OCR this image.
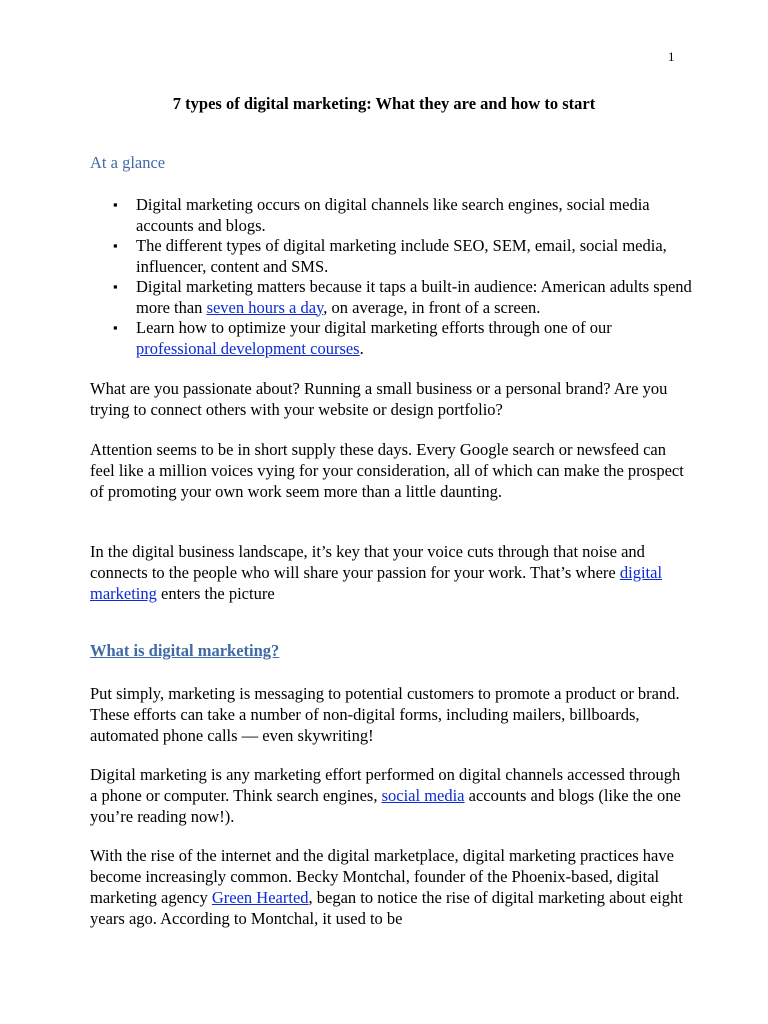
1
7 types of digital marketing: What they are and how to start
At a glance
▪ Digital marketing occurs on digital channels like search engines, social media accounts and blogs.
▪ The different types of digital marketing include SEO, SEM, email, social media, influencer, content and SMS.
▪ Digital marketing matters because it taps a built-in audience: American adults spend more than seven hours a day, on average, in front of a screen.
▪ Learn how to optimize your digital marketing efforts through one of our professional development courses.

What are you passionate about? Running a small business or a personal brand? Are you trying to connect others with your website or design portfolio?

Attention seems to be in short supply these days. Every Google search or newsfeed can feel like a million voices vying for your consideration, all of which can make the prospect of promoting your own work seem more than a little daunting.

In the digital business landscape, it’s key that your voice cuts through that noise and connects to the people who will share your passion for your work. That’s where digital marketing enters the picture

What is digital marketing?

Put simply, marketing is messaging to potential customers to promote a product or brand. These efforts can take a number of non-digital forms, including mailers, billboards, automated phone calls — even skywriting!

Digital marketing is any marketing effort performed on digital channels accessed through a phone or computer. Think search engines, social media accounts and blogs (like the one you’re reading now!).

With the rise of the internet and the digital marketplace, digital marketing practices have become increasingly common. Becky Montchal, founder of the Phoenix-based, digital marketing agency Green Hearted, began to notice the rise of digital marketing about eight years ago. According to Montchal, it used to be
